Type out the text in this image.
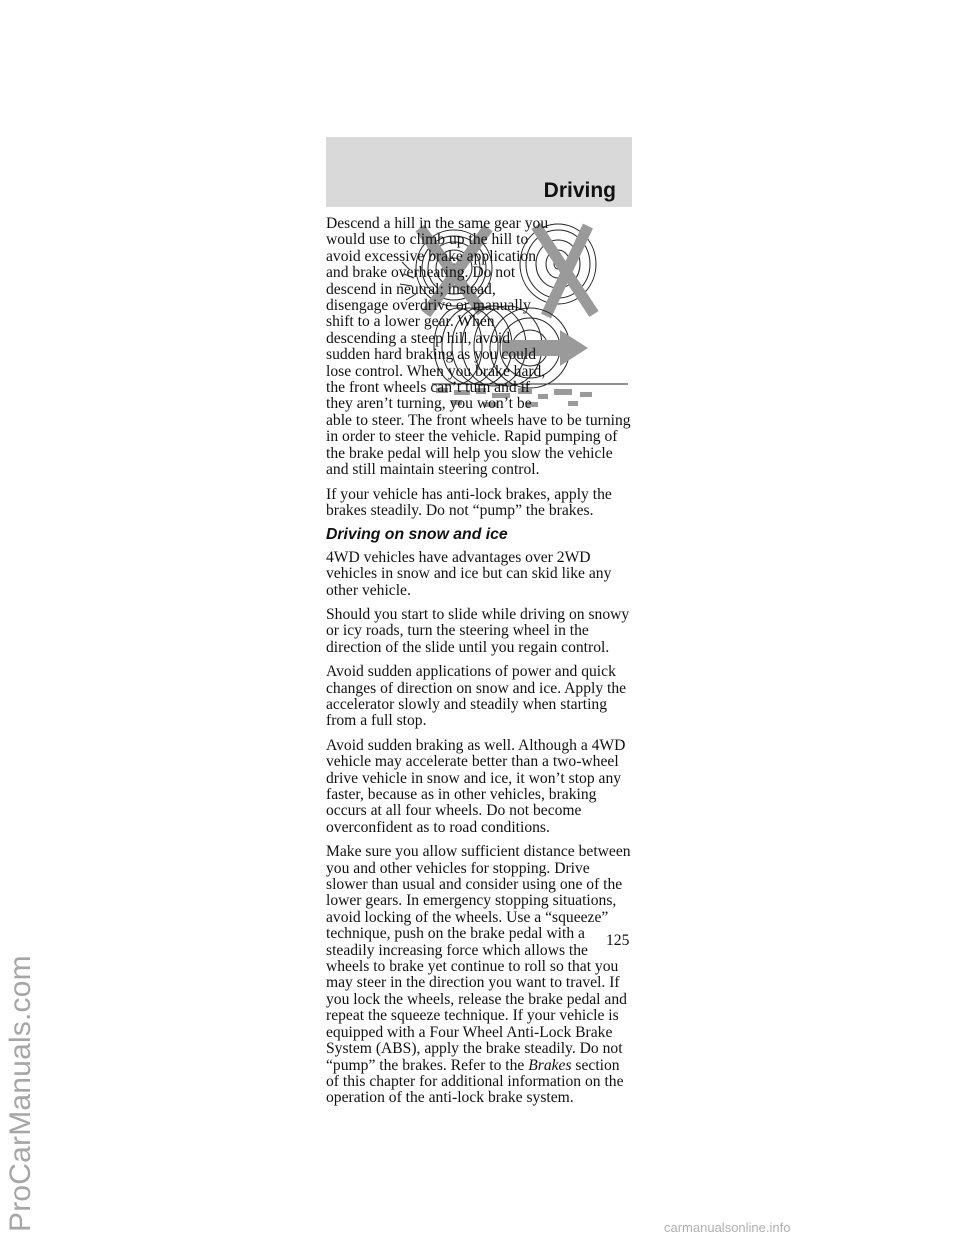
Driving
ProCarManuals.com
Descend a hill in the same gear you
would use to climb up the hill to
avoid excessive brake application
and brake overheating. Do not
descend in neutral; instead,
disengage overdrive or manually
shift to a lower gear. When
descending a steep hill, avoid
sudden hard braking as you could
lose control. When you brake hard,
the front wheels can’t turn and if
they aren’t turning, you won’t be
able to steer. The front wheels have to be turning in order to steer the vehicle. Rapid pumping of the brake pedal will help you slow the vehicle and still maintain steering control.

If your vehicle has anti-lock brakes, apply the brakes steadily. Do not “pump” the brakes.

Driving on snow and ice

4WD vehicles have advantages over 2WD vehicles in snow and ice but can skid like any other vehicle.

Should you start to slide while driving on snowy or icy roads, turn the steering wheel in the direction of the slide until you regain control.

Avoid sudden applications of power and quick changes of direction on snow and ice. Apply the accelerator slowly and steadily when starting from a full stop.

Avoid sudden braking as well. Although a 4WD vehicle may accelerate better than a two-wheel drive vehicle in snow and ice, it won’t stop any faster, because as in other vehicles, braking occurs at all four wheels. Do not become overconfident as to road conditions.

Make sure you allow sufficient distance between you and other vehicles for stopping. Drive slower than usual and consider using one of the lower gears. In emergency stopping situations, avoid locking of the wheels. Use a “squeeze” technique, push on the brake pedal with a steadily increasing force which allows the wheels to brake yet continue to roll so that you may steer in the direction you want to travel. If you lock the wheels, release the brake pedal and repeat the squeeze technique. If your vehicle is equipped with a Four Wheel Anti-Lock Brake System (ABS), apply the brake steadily. Do not “pump” the brakes. Refer to the Brakes section of this chapter for additional information on the operation of the anti-lock brake system.

125
carmanualsonline.info
